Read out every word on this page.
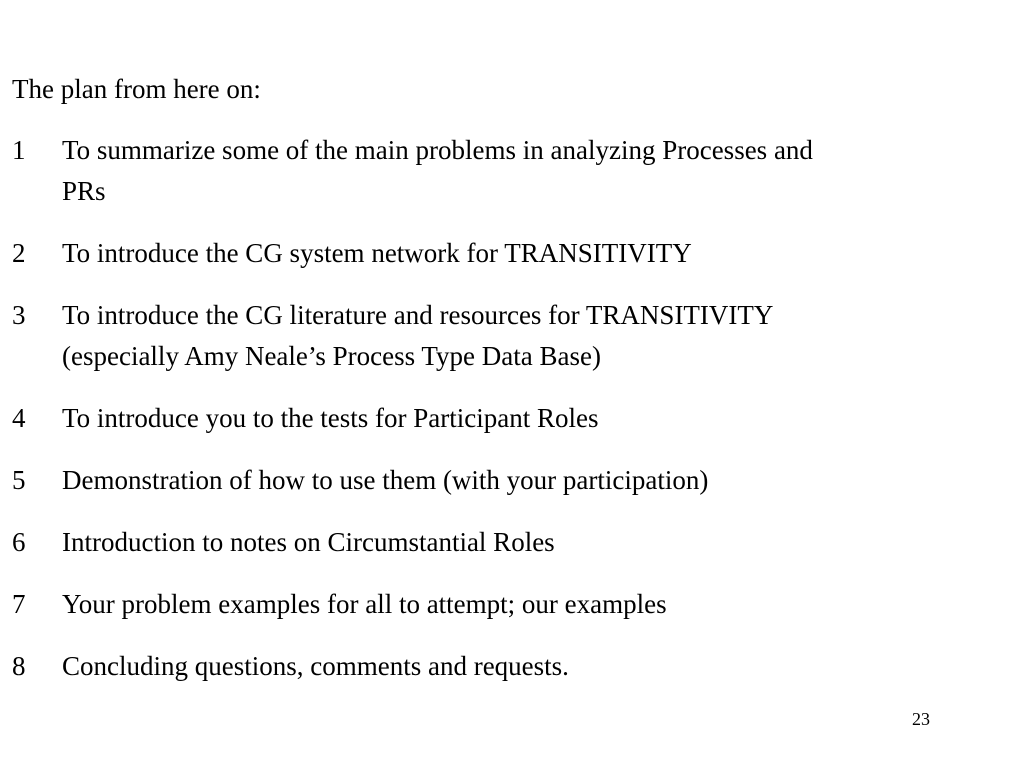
The plan from here on:
1	To summarize some of the main problems in analyzing Processes and
PRs
2	To introduce the CG system network for TRANSITIVITY
3	To introduce the CG literature and resources for TRANSITIVITY
(especially Amy Neale’s Process Type Data Base)
4	To introduce you to the tests for Participant Roles
5	Demonstration of how to use them (with your participation)
6	Introduction to notes on Circumstantial Roles
7	Your problem examples for all to attempt; our examples
8	Concluding questions, comments and requests.
23
